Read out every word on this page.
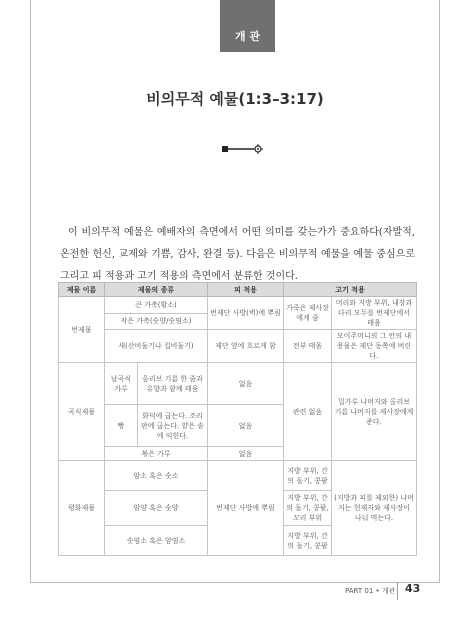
개 관
비의무적 예물(1:3–3:17)

이 비의무적 예물은 예배자의 측면에서 어떤 의미를 갖는가가 중요하다(자발적, 온전한 헌신, 교제와 기쁨, 감사, 완결 등). 다음은 비의무적 예물을 예물 중심으로 그리고 피 적용과 고기 적용의 측면에서 분류한 것이다.

제물 이름	제물의 종류		피 적용	고기 적용	
번제물	큰 가축(황소)		번제단 사방(벽)에 뿌림	가죽은 제사장에게 줌	머리와 지방 부위, 내장과 다리 모두를 번제단에서 태움
	작은 가축(숫양/숫염소)				
	새(산비둘기나 집비둘기)		제단 옆에 흐르게 함	전부 태움	모이주머니의 그 안의 내용물은 제단 동쪽에 버린다.
곡식제물	날곡식 가루	올리브 기름 한 줌과 유향과 함께 태움	없음	관련 없음	밀가루 나머지와 올리브 기름 나머지를 제사장에게 준다.
	빵	화덕에 굽는다. 조리판에 굽는다. 얕은 솥에 익힌다.	없음		
	볶은 가루		없음		
평화제물	암소 혹은 숫소		번제단 사방에 뿌림	지방 부위, 간의 돌기, 콩팥	(지방과 피를 제외한) 나머지는 헌제자와 제사장이 나눠 먹는다.
	암양 혹은 숫양			지방 부위, 간의 돌기, 콩팥, 꼬리 부위	
	숫염소 혹은 암염소			지방 부위, 간의 돌기, 콩팥	
PART 01 • 개관 43
